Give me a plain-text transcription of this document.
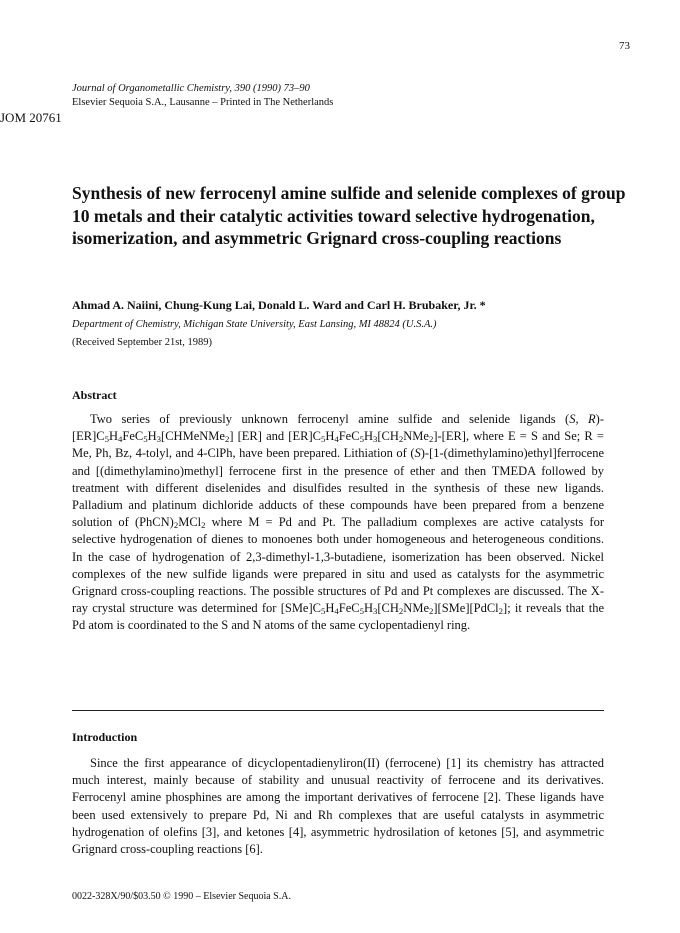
73
Journal of Organometallic Chemistry, 390 (1990) 73–90
Elsevier Sequoia S.A., Lausanne – Printed in The Netherlands
JOM 20761
Synthesis of new ferrocenyl amine sulfide and selenide complexes of group 10 metals and their catalytic activities toward selective hydrogenation, isomerization, and asymmetric Grignard cross-coupling reactions
Ahmad A. Naiini, Chung-Kung Lai, Donald L. Ward and Carl H. Brubaker, Jr. *
Department of Chemistry, Michigan State University, East Lansing, MI 48824 (U.S.A.)
(Received September 21st, 1989)
Abstract
Two series of previously unknown ferrocenyl amine sulfide and selenide ligands (S, $R)-[ER]C_5H_4FeC_5H_3[CHMeNMe_2]$ [ER] and $[ER]C_5H_4FeC_5H_3[CH_2NMe_2]-[ER]$, where E = S and Se; R = Me, Ph, Bz, 4-tolyl, and 4-ClPh, have been prepared. Lithiation of (S)-[1-(dimethylamino)ethyl]ferrocene and [(dimethylamino)methyl] ferrocene first in the presence of ether and then TMEDA followed by treatment with different diselenides and disulfides resulted in the synthesis of these new ligands. Palladium and platinum dichloride adducts of these compounds have been prepared from a benzene solution of $(PhCN)_2MCl_2$ where M = Pd and Pt. The palladium complexes are active catalysts for selective hydrogenation of dienes to monoenes both under homogeneous and heterogeneous conditions. In the case of hydrogenation of 2,3-dimethyl-1,3-butadiene, isomerization has been observed. Nickel complexes of the new sulfide ligands were prepared in situ and used as catalysts for the asymmetric Grignard cross-coupling reactions. The possible structures of Pd and Pt complexes are discussed. The X-ray crystal structure was determined for $[SMe]C_5H_4FeC_5H_3[CH_2NMe_2][SMe][PdCl_2]$; it reveals that the Pd atom is coordinated to the S and N atoms of the same cyclopentadienyl ring.
Introduction
Since the first appearance of dicyclopentadienyliron(II) (ferrocene) [1] its chemistry has attracted much interest, mainly because of stability and unusual reactivity of ferrocene and its derivatives. Ferrocenyl amine phosphines are among the important derivatives of ferrocene [2]. These ligands have been used extensively to prepare Pd, Ni and Rh complexes that are useful catalysts in asymmetric hydrogenation of olefins [3], and ketones [4], asymmetric hydrosilation of ketones [5], and asymmetric Grignard cross-coupling reactions [6].
0022-328X/90/$03.50 © 1990 – Elsevier Sequoia S.A.
